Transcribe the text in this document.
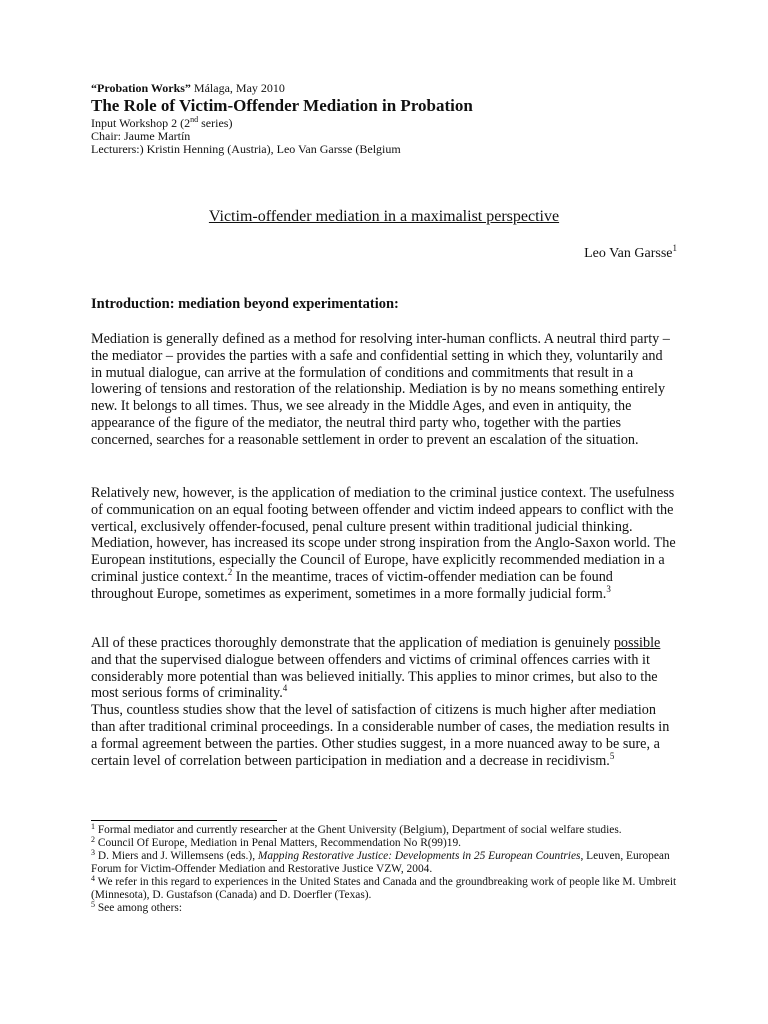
“Probation Works” Málaga, May 2010
The Role of Victim-Offender Mediation in Probation
Input Workshop 2 (2nd series)
Chair: Jaume Martín
Lecturers:) Kristin Henning (Austria), Leo Van Garsse (Belgium
Victim-offender mediation in a maximalist perspective
Leo Van Garsse$^1$
Introduction: mediation beyond experimentation:
Mediation is generally defined as a method for resolving inter-human conflicts. A neutral third party – the mediator – provides the parties with a safe and confidential setting in which they, voluntarily and in mutual dialogue, can arrive at the formulation of conditions and commitments that result in a lowering of tensions and restoration of the relationship. Mediation is by no means something entirely new. It belongs to all times. Thus, we see already in the Middle Ages, and even in antiquity, the appearance of the figure of the mediator, the neutral third party who, together with the parties concerned, searches for a reasonable settlement in order to prevent an escalation of the situation.
Relatively new, however, is the application of mediation to the criminal justice context. The usefulness of communication on an equal footing between offender and victim indeed appears to conflict with the vertical, exclusively offender-focused, penal culture present within traditional judicial thinking. Mediation, however, has increased its scope under strong inspiration from the Anglo-Saxon world. The European institutions, especially the Council of Europe, have explicitly recommended mediation in a criminal justice context.$^2$ In the meantime, traces of victim-offender mediation can be found throughout Europe, sometimes as experiment, sometimes in a more formally judicial form.$^3$
All of these practices thoroughly demonstrate that the application of mediation is genuinely possible and that the supervised dialogue between offenders and victims of criminal offences carries with it considerably more potential than was believed initially. This applies to minor crimes, but also to the most serious forms of criminality.$^4$
Thus, countless studies show that the level of satisfaction of citizens is much higher after mediation than after traditional criminal proceedings. In a considerable number of cases, the mediation results in a formal agreement between the parties. Other studies suggest, in a more nuanced away to be sure, a certain level of correlation between participation in mediation and a decrease in recidivism.$^5$

$^1$ Formal mediator and currently researcher at the Ghent University (Belgium), Department of social welfare studies.

$^2$ Council Of Europe, Mediation in Penal Matters, Recommendation No R(99)19.

$^3$ D. Miers and J. Willemsens (eds.), Mapping Restorative Justice: Developments in 25 European Countries, Leuven, European Forum for Victim-Offender Mediation and Restorative Justice VZW, 2004.

$^4$ We refer in this regard to experiences in the United States and Canada and the groundbreaking work of people like M. Umbreit (Minnesota), D. Gustafson (Canada) and D. Doerfler (Texas).

$^5$ See among others:
